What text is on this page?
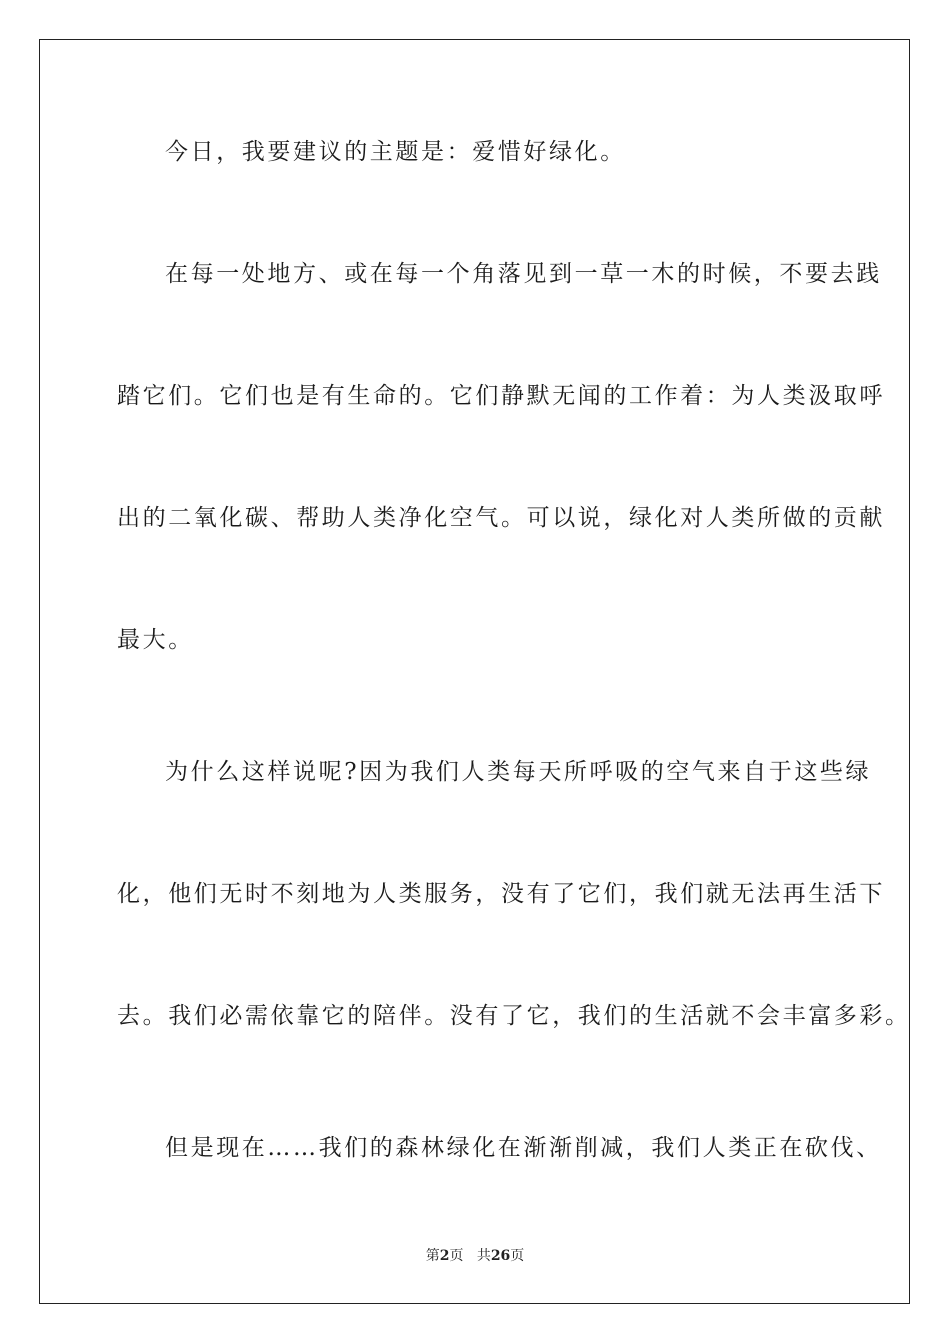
今日，我要建议的主题是：爱惜好绿化。
在每一处地方、或在每一个角落见到一草一木的时候，不要去践
踏它们。它们也是有生命的。它们静默无闻的工作着：为人类汲取呼
出的二氧化碳、帮助人类净化空气。可以说，绿化对人类所做的贡献
最大。
为什么这样说呢?因为我们人类每天所呼吸的空气来自于这些绿
化，他们无时不刻地为人类服务，没有了它们，我们就无法再生活下
去。我们必需依靠它的陪伴。没有了它，我们的生活就不会丰富多彩。
但是现在……我们的森林绿化在渐渐削减，我们人类正在砍伐、
第2页 共26页
